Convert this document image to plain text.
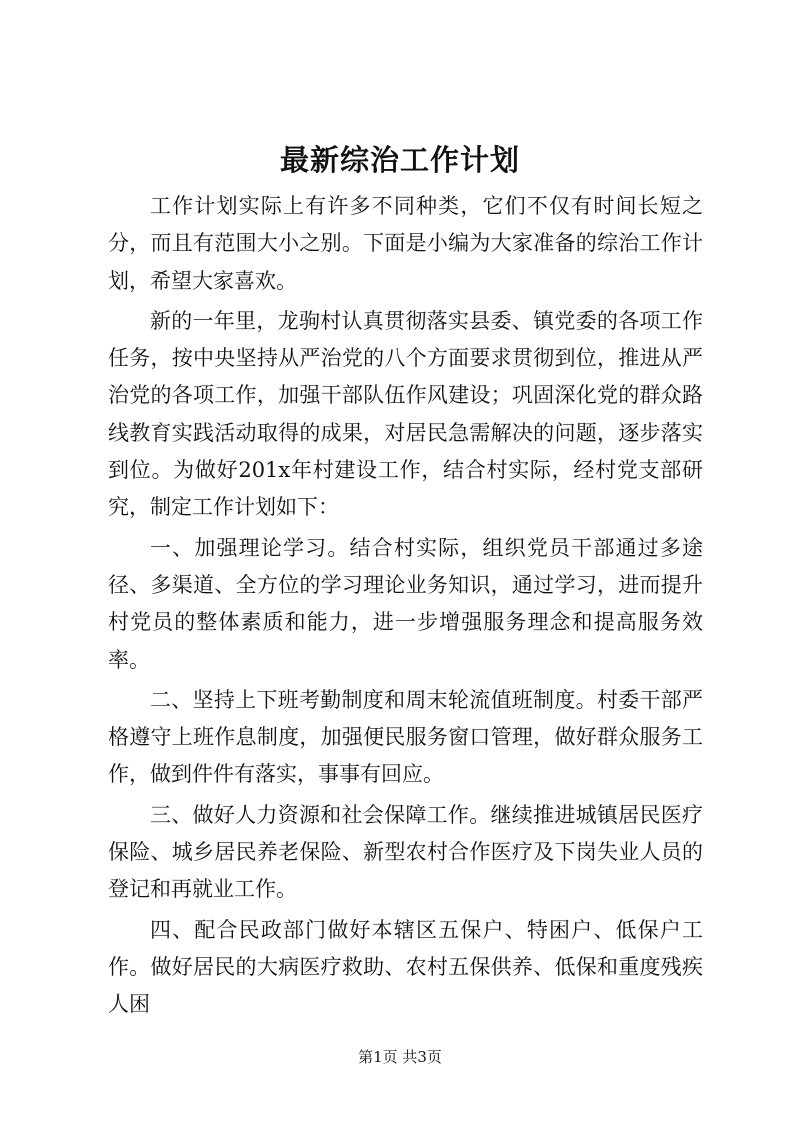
最新综治工作计划

工作计划实际上有许多不同种类，它们不仅有时间长短之分，而且有范围大小之别。下面是小编为大家准备的综治工作计划，希望大家喜欢。

新的一年里，龙驹村认真贯彻落实县委、镇党委的各项工作任务，按中央坚持从严治党的八个方面要求贯彻到位，推进从严治党的各项工作，加强干部队伍作风建设；巩固深化党的群众路线教育实践活动取得的成果，对居民急需解决的问题，逐步落实到位。为做好201x年村建设工作，结合村实际，经村党支部研究，制定工作计划如下：

一、加强理论学习。结合村实际，组织党员干部通过多途径、多渠道、全方位的学习理论业务知识，通过学习，进而提升村党员的整体素质和能力，进一步增强服务理念和提高服务效率。

二、坚持上下班考勤制度和周末轮流值班制度。村委干部严格遵守上班作息制度，加强便民服务窗口管理，做好群众服务工作，做到件件有落实，事事有回应。

三、做好人力资源和社会保障工作。继续推进城镇居民医疗保险、城乡居民养老保险、新型农村合作医疗及下岗失业人员的登记和再就业工作。

四、配合民政部门做好本辖区五保户、特困户、低保户工作。做好居民的大病医疗救助、农村五保供养、低保和重度残疾人困

第1页 共3页
